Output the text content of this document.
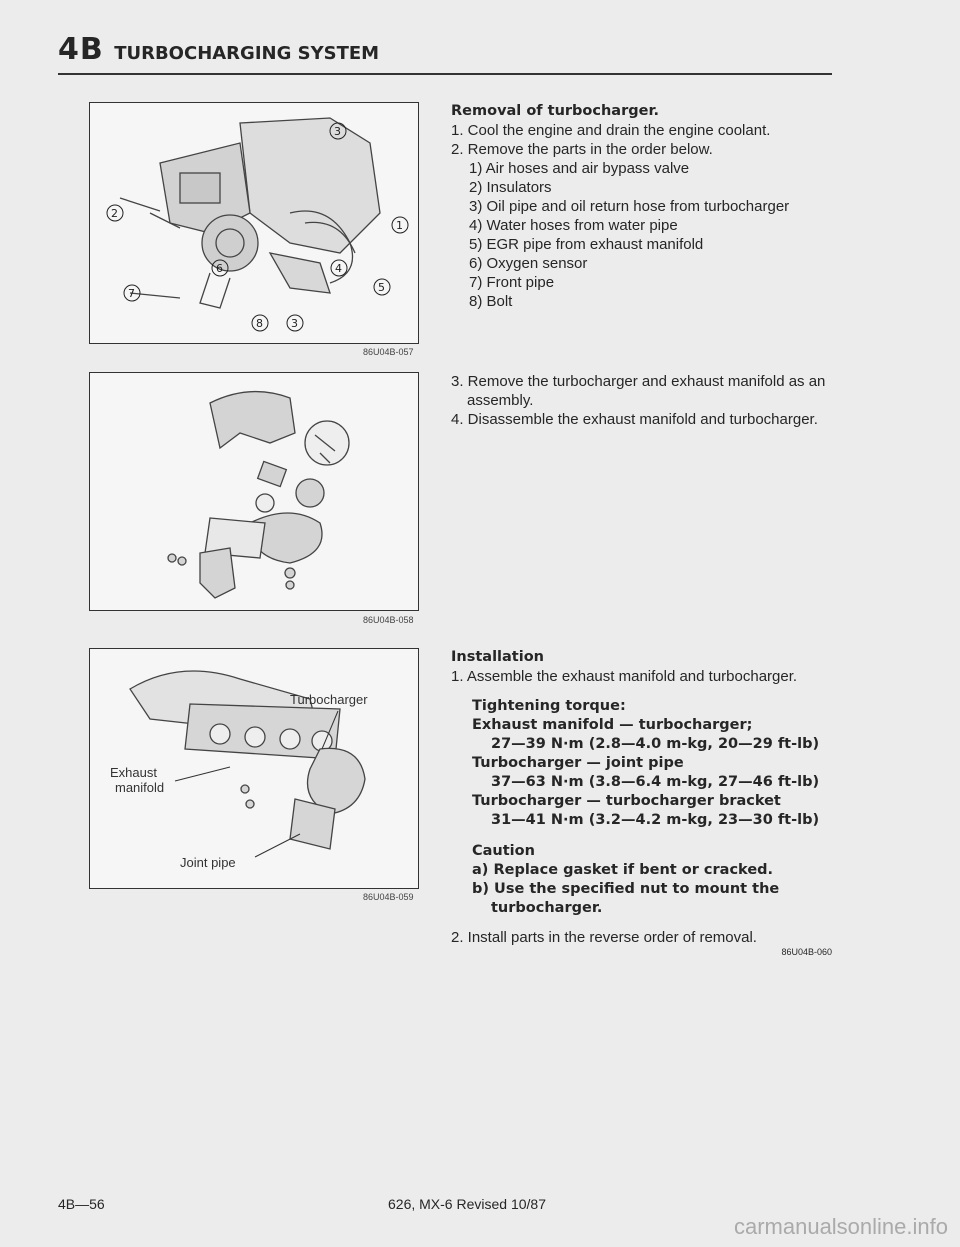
4B TURBOCHARGING SYSTEM
3
1
2
4
5
6
7
8	3
86U04B-057
86U04B-058
Turbocharger
Exhaust
manifold
Joint pipe
86U04B-059

Removal of turbocharger.

1. Cool the engine and drain the engine coolant.

2. Remove the parts in the order below.

1) Air hoses and air bypass valve

2) Insulators

3) Oil pipe and oil return hose from turbocharger

4) Water hoses from water pipe

5) EGR pipe from exhaust manifold

6) Oxygen sensor

7) Front pipe

8) Bolt

3. Remove the turbocharger and exhaust manifold as an assembly.

4. Disassemble the exhaust manifold and turbocharger.

Installation

1. Assemble the exhaust manifold and turbocharger.

Tightening torque:

Exhaust manifold — turbocharger;

27—39 N·m (2.8—4.0 m-kg, 20—29 ft-lb)

Turbocharger — joint pipe

37—63 N·m (3.8—6.4 m-kg, 27—46 ft-lb)

Turbocharger — turbocharger bracket

31—41 N·m (3.2—4.2 m-kg, 23—30 ft-lb)

Caution

a) Replace gasket if bent or cracked.

b) Use the specified nut to mount the turbocharger.

2. Install parts in the reverse order of removal.

86U04B-060

4B—56	626, MX-6 Revised 10/87
carmanualsonline.info
